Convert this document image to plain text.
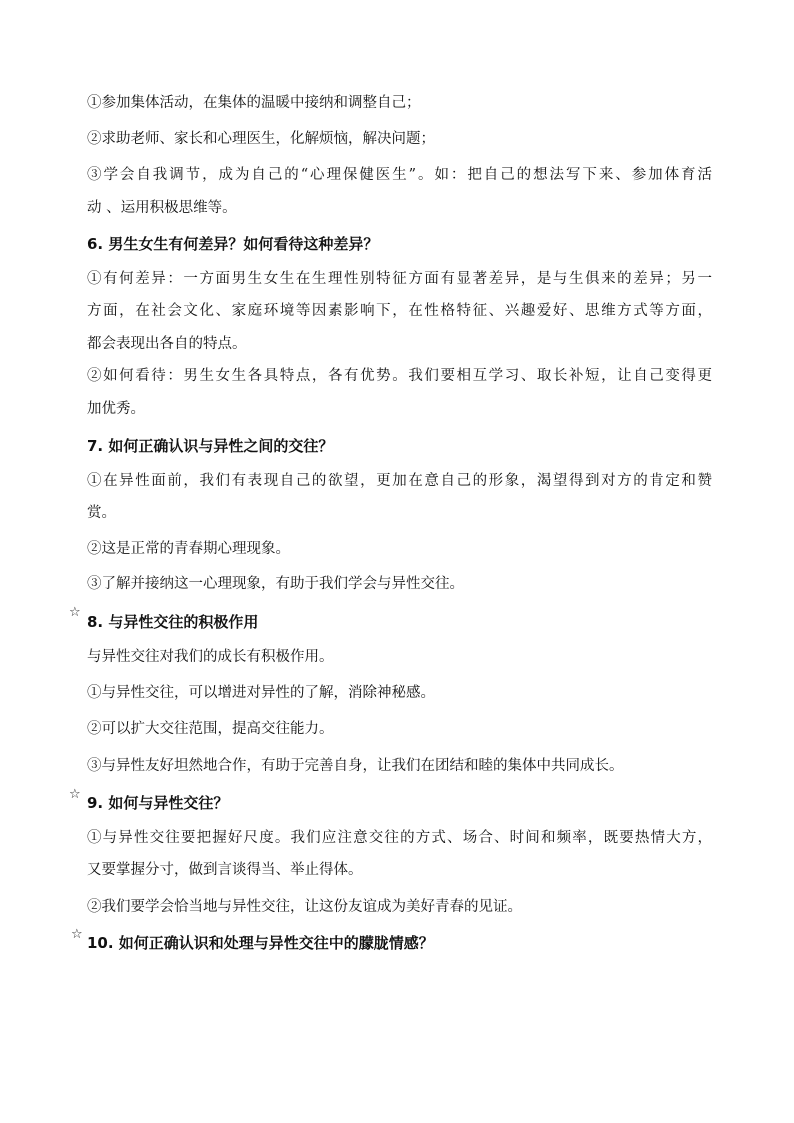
①参加集体活动，在集体的温暖中接纳和调整自己；
②求助老师、家长和心理医生，化解烦恼，解决问题；
③学会自我调节，成为自己的“心理保健医生”。如：把自己的想法写下来、参加体育活
动 、运用积极思维等。
6. 男生女生有何差异？如何看待这种差异？
①有何差异：一方面男生女生在生理性别特征方面有显著差异，是与生俱来的差异；另一
方面，在社会文化、家庭环境等因素影响下，在性格特征、兴趣爱好、思维方式等方面，
都会表现出各自的特点。
②如何看待：男生女生各具特点，各有优势。我们要相互学习、取长补短，让自己变得更
加优秀。
7. 如何正确认识与异性之间的交往？
①在异性面前，我们有表现自己的欲望，更加在意自己的形象，渴望得到对方的肯定和赞
赏。
②这是正常的青春期心理现象。
③了解并接纳这一心理现象，有助于我们学会与异性交往。
☆
8. 与异性交往的积极作用
与异性交往对我们的成长有积极作用。
①与异性交往，可以增进对异性的了解，消除神秘感。
②可以扩大交往范围，提高交往能力。
③与异性友好坦然地合作，有助于完善自身，让我们在团结和睦的集体中共同成长。
☆ 9. 如何与异性交往？
①与异性交往要把握好尺度。我们应注意交往的方式、场合、时间和频率，既要热情大方，
又要掌握分寸，做到言谈得当、举止得体。
②我们要学会恰当地与异性交往，让这份友谊成为美好青春的见证。
☆ 10. 如何正确认识和处理与异性交往中的朦胧情感？
